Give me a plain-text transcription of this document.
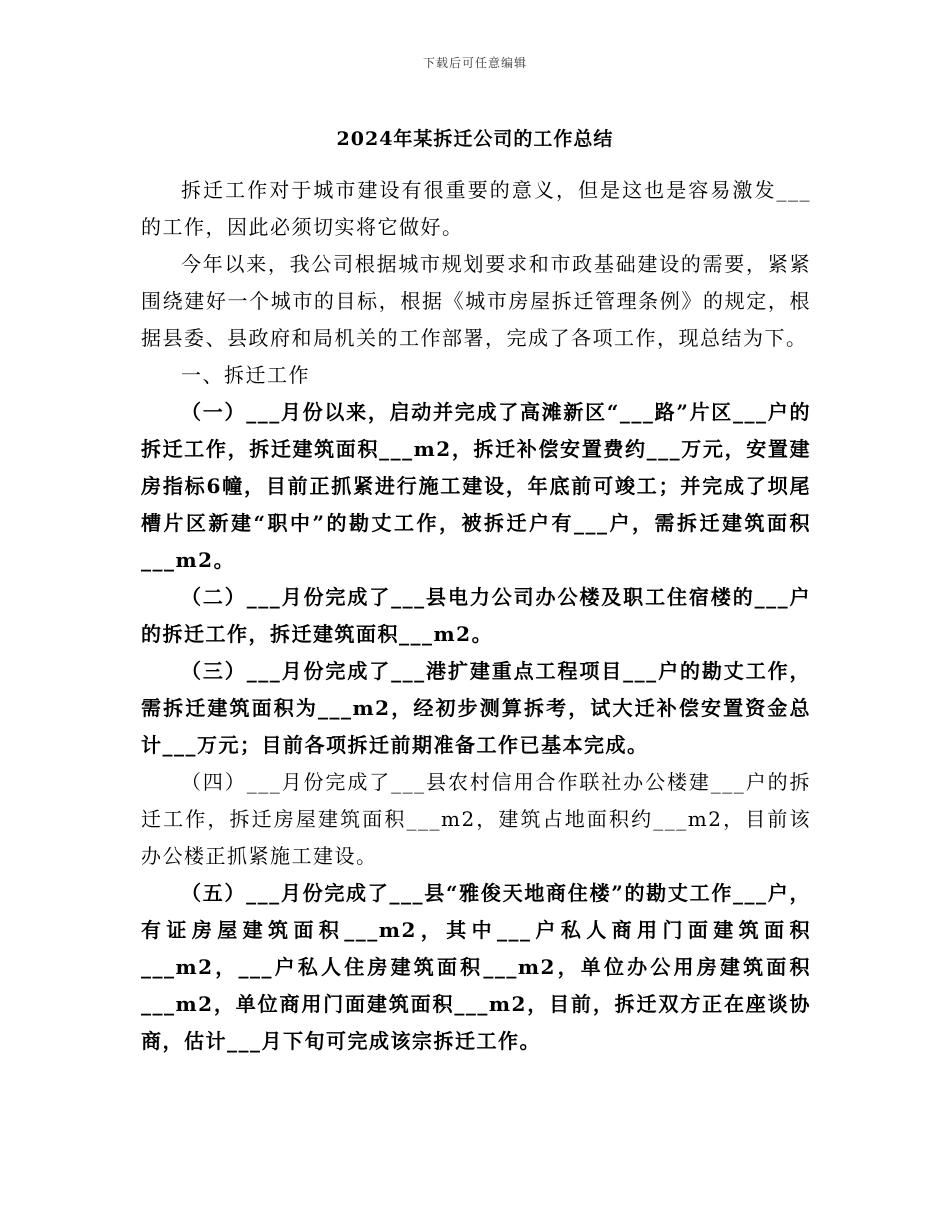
下载后可任意编辑
2024年某拆迁公司的工作总结

拆迁工作对于城市建设有很重要的意义，但是这也是容易激发___的工作，因此必须切实将它做好。

今年以来，我公司根据城市规划要求和市政基础建设的需要，紧紧围绕建好一个城市的目标，根据《城市房屋拆迁管理条例》的规定，根据县委、县政府和局机关的工作部署，完成了各项工作，现总结为下。

一、拆迁工作

（一）___月份以来，启动并完成了高滩新区“___路”片区___户的拆迁工作，拆迁建筑面积___m2，拆迁补偿安置费约___万元，安置建房指标6幢，目前正抓紧进行施工建设，年底前可竣工；并完成了坝尾槽片区新建“职中”的勘丈工作，被拆迁户有___户，需拆迁建筑面积___m2。

（二）___月份完成了___县电力公司办公楼及职工住宿楼的___户的拆迁工作，拆迁建筑面积___m2。

（三）___月份完成了___港扩建重点工程项目___户的勘丈工作，需拆迁建筑面积为___m2，经初步测算拆考，试大迁补偿安置资金总计___万元；目前各项拆迁前期准备工作已基本完成。

（四）___月份完成了___县农村信用合作联社办公楼建___户的拆迁工作，拆迁房屋建筑面积___m2，建筑占地面积约___m2，目前该办公楼正抓紧施工建设。

（五）___月份完成了___县“雅俊天地商住楼”的勘丈工作___户，有证房屋建筑面积___m2，其中___户私人商用门面建筑面积___m2，___户私人住房建筑面积___m2，单位办公用房建筑面积___m2，单位商用门面建筑面积___m2，目前，拆迁双方正在座谈协商，估计___月下旬可完成该宗拆迁工作。
